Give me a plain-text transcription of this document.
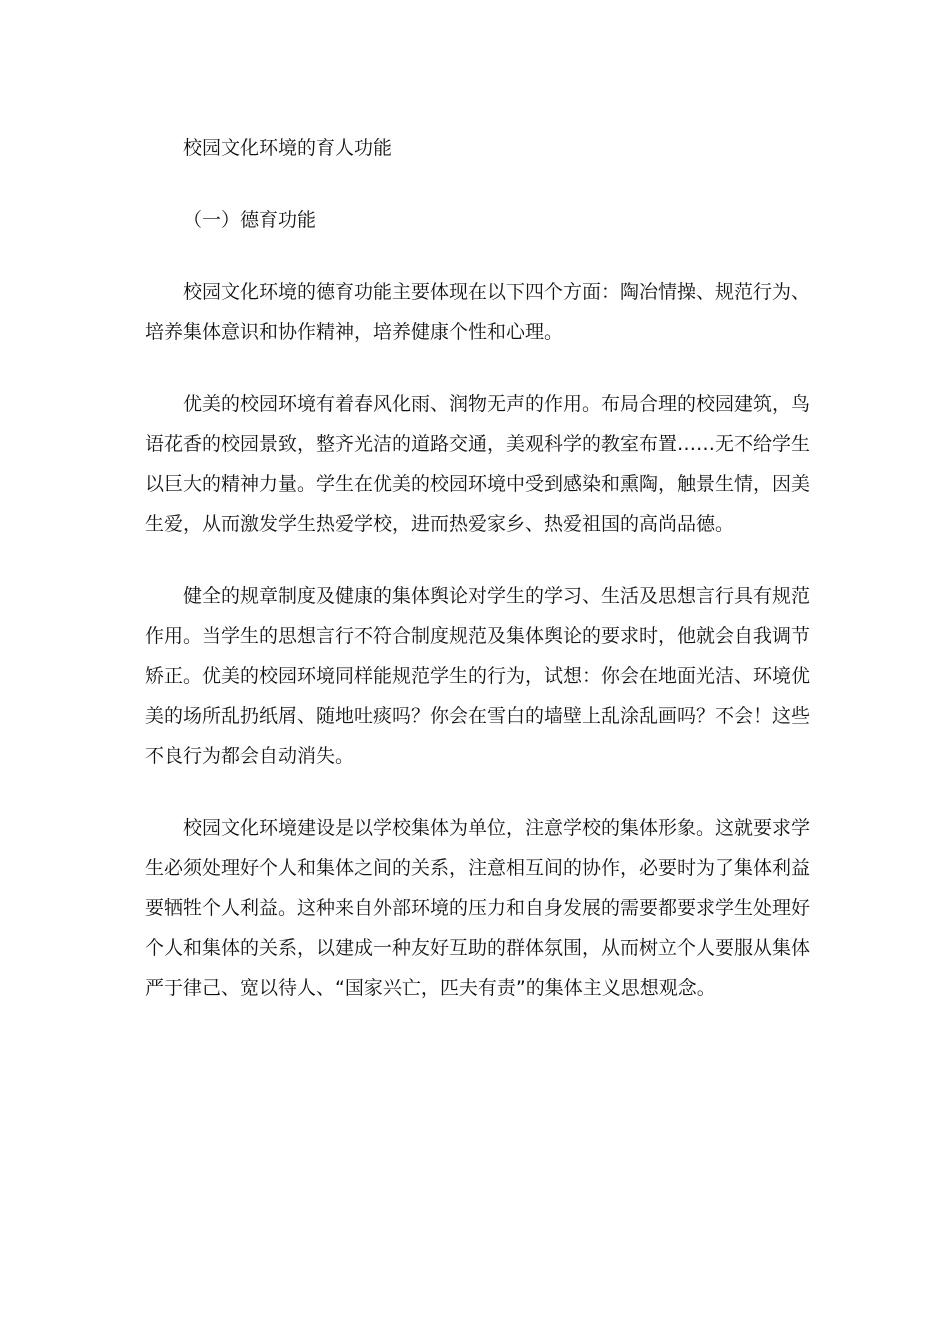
校园文化环境的育人功能

（一）德育功能

校园文化环境的德育功能主要体现在以下四个方面：陶冶情操、规范行为、培养集体意识和协作精神，培养健康个性和心理。

优美的校园环境有着春风化雨、润物无声的作用。布局合理的校园建筑，鸟语花香的校园景致，整齐光洁的道路交通，美观科学的教室布置……无不给学生以巨大的精神力量。学生在优美的校园环境中受到感染和熏陶，触景生情，因美生爱，从而激发学生热爱学校，进而热爱家乡、热爱祖国的高尚品德。

健全的规章制度及健康的集体舆论对学生的学习、生活及思想言行具有规范作用。当学生的思想言行不符合制度规范及集体舆论的要求时，他就会自我调节矫正。优美的校园环境同样能规范学生的行为，试想：你会在地面光洁、环境优美的场所乱扔纸屑、随地吐痰吗？你会在雪白的墙壁上乱涂乱画吗？不会！这些不良行为都会自动消失。

校园文化环境建设是以学校集体为单位，注意学校的集体形象。这就要求学生必须处理好个人和集体之间的关系，注意相互间的协作，必要时为了集体利益要牺牲个人利益。这种来自外部环境的压力和自身发展的需要都要求学生处理好个人和集体的关系，以建成一种友好互助的群体氛围，从而树立个人要服从集体严于律己、宽以待人、“国家兴亡，匹夫有责”的集体主义思想观念。
